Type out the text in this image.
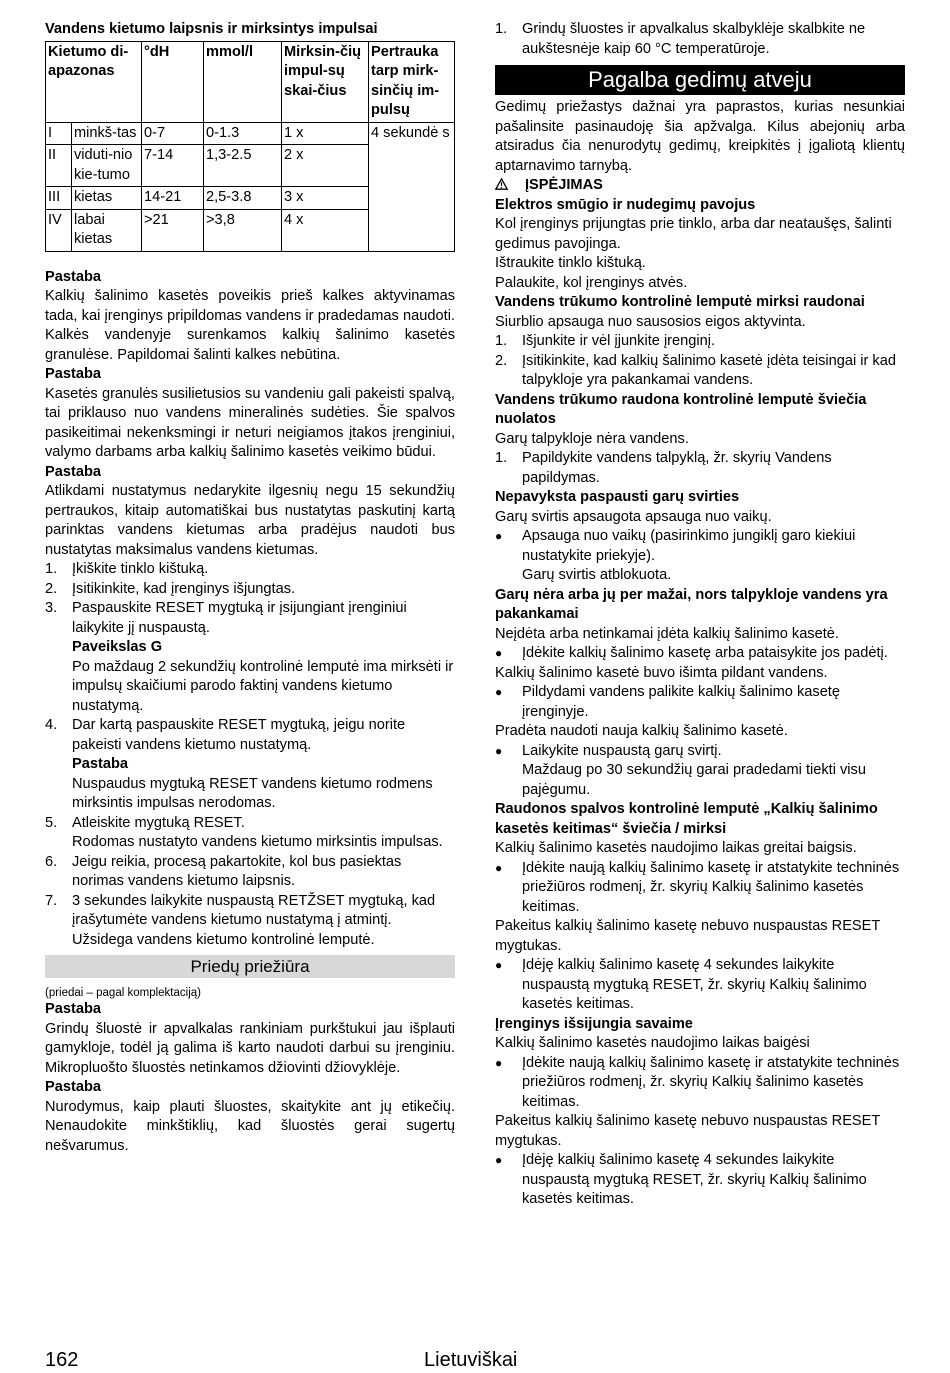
Vandens kietumo laipsnis ir mirksintys impulsai

Kietumo di-apazonas		°dH	mmol/l	Mirksin-čių impul-sų skai-čius	Pertrauka tarp mirk-sinčių im-pulsų
I	minkš-tas	0-7	0-1.3	1 x	4 sekundė s
II	viduti-nio kie-tumo	7-14	1,3-2.5	2 x	
III	kietas	14-21	2,5-3.8	3 x	
IV	labai kietas	>21	>3,8	4 x	

Pastaba

Kalkių šalinimo kasetės poveikis prieš kalkes aktyvinamas tada, kai įrenginys pripildomas vandens ir pradedamas naudoti. Kalkės vandenyje surenkamos kalkių šalinimo kasetės granulėse. Papildomai šalinti kalkes nebūtina.

Pastaba

Kasetės granulės susilietusios su vandeniu gali pakeisti spalvą, tai priklauso nuo vandens mineralinės sudėties. Šie spalvos pasikeitimai nekenksmingi ir neturi neigiamos įtakos įrenginiui, valymo darbams arba kalkių šalinimo kasetės veikimo būdui.

Pastaba

Atlikdami nustatymus nedarykite ilgesnių negu 15 sekundžių pertraukos, kitaip automatiškai bus nustatytas paskutinį kartą parinktas vandens kietumas arba pradėjus naudoti bus nustatytas maksimalus vandens kietumas.

1.	Įkiškite tinklo kištuką.
2.	Įsitikinkite, kad įrenginys išjungtas.
3.	Paspauskite RESET mygtuką ir įsijungiant įrenginiui laikykite jį nuspaustą.

Paveikslas G

Po maždaug 2 sekundžių kontrolinė lemputė ima mirksėti ir impulsų skaičiumi parodo faktinį vandens kietumo nustatymą.

4.	Dar kartą paspauskite RESET mygtuką, jeigu norite pakeisti vandens kietumo nustatymą.

Pastaba

Nuspaudus mygtuką RESET vandens kietumo rodmens mirksintis impulsas nerodomas.

5.	Atleiskite mygtuką RESET.

Rodomas nustatyto vandens kietumo mirksintis impulsas.

6.	Jeigu reikia, procesą pakartokite, kol bus pasiektas norimas vandens kietumo laipsnis.
7.	3 sekundes laikykite nuspaustą RETŽSET mygtuką, kad įrašytumėte vandens kietumo nustatymą į atmintį.

Užsidega vandens kietumo kontrolinė lemputė.

Priedų priežiūra

(priedai – pagal komplektaciją)

Pastaba

Grindų šluostė ir apvalkalas rankiniam purkštukui jau išplauti gamykloje, todėl ją galima iš karto naudoti darbui su įrenginiu. Mikropluošto šluostės netinkamos džiovinti džiovyklėje.

Pastaba

Nurodymus, kaip plauti šluostes, skaitykite ant jų etikečių. Nenaudokite minkštiklių, kad šluostės gerai sugertų nešvarumus.

1.	Grindų šluostes ir apvalkalus skalbyklėje skalbkite ne aukštesnėje kaip 60 °C temperatūroje.
Pagalba gedimų atveju

Gedimų priežastys dažnai yra paprastos, kurias nesunkiai pašalinsite pasinaudoję šia apžvalga. Kilus abejonių arba atsiradus čia nenurodytų gedimų, kreipkitės į įgaliotą klientų aptarnavimo tarnybą.

ĮSPĖJIMAS

Elektros smūgio ir nudegimų pavojus

Kol įrenginys prijungtas prie tinklo, arba dar neataušęs, šalinti gedimus pavojinga.

Ištraukite tinklo kištuką.

Palaukite, kol įrenginys atvės.

Vandens trūkumo kontrolinė lemputė mirksi raudonai

Siurblio apsauga nuo sausosios eigos aktyvinta.

1.	Išjunkite ir vėl įjunkite įrenginį.
2.	Įsitikinkite, kad kalkių šalinimo kasetė įdėta teisingai ir kad talpykloje yra pakankamai vandens.

Vandens trūkumo raudona kontrolinė lemputė šviečia nuolatos

Garų talpykloje nėra vandens.

1.	Papildykite vandens talpyklą, žr. skyrių Vandens papildymas.

Nepavyksta paspausti garų svirties

Garų svirtis apsaugota apsauga nuo vaikų.

●	Apsauga nuo vaikų (pasirinkimo jungiklį garo kiekiui nustatykite priekyje).

Garų svirtis atblokuota.

Garų nėra arba jų per mažai, nors talpykloje vandens yra pakankamai

Neįdėta arba netinkamai įdėta kalkių šalinimo kasetė.

●	Įdėkite kalkių šalinimo kasetę arba pataisykite jos padėtį.

Kalkių šalinimo kasetė buvo išimta pildant vandens.

●	Pildydami vandens palikite kalkių šalinimo kasetę įrenginyje.

Pradėta naudoti nauja kalkių šalinimo kasetė.

●	Laikykite nuspaustą garų svirtį.

Maždaug po 30 sekundžių garai pradedami tiekti visu pajėgumu.

Raudonos spalvos kontrolinė lemputė „Kalkių šalinimo kasetės keitimas“ šviečia / mirksi

Kalkių šalinimo kasetės naudojimo laikas greitai baigsis.

●	Įdėkite naują kalkių šalinimo kasetę ir atstatykite techninės priežiūros rodmenį, žr. skyrių Kalkių šalinimo kasetės keitimas.

Pakeitus kalkių šalinimo kasetę nebuvo nuspaustas RESET mygtukas.

●	Įdėję kalkių šalinimo kasetę 4 sekundes laikykite nuspaustą mygtuką RESET, žr. skyrių Kalkių šalinimo kasetės keitimas.

Įrenginys išsijungia savaime

Kalkių šalinimo kasetės naudojimo laikas baigėsi

●	Įdėkite naują kalkių šalinimo kasetę ir atstatykite techninės priežiūros rodmenį, žr. skyrių Kalkių šalinimo kasetės keitimas.

Pakeitus kalkių šalinimo kasetę nebuvo nuspaustas RESET mygtukas.

●	Įdėję kalkių šalinimo kasetę 4 sekundes laikykite nuspaustą mygtuką RESET, žr. skyrių Kalkių šalinimo kasetės keitimas.
162	Lietuviškai
